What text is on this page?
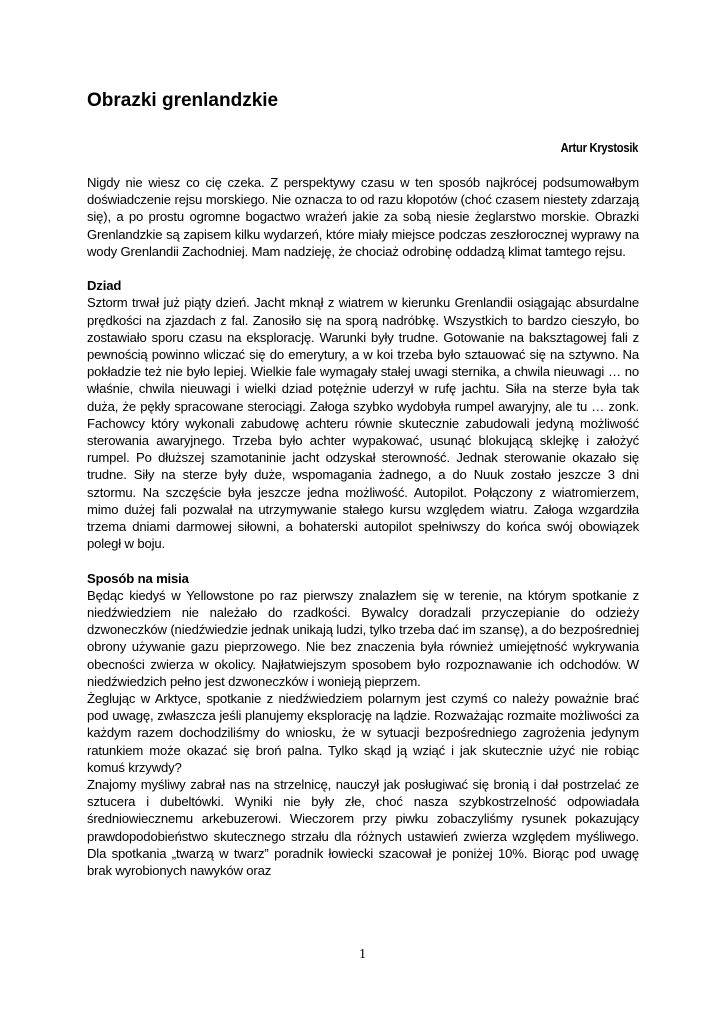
Obrazki grenlandzkie
Artur Krystosik

Nigdy nie wiesz co cię czeka. Z perspektywy czasu w ten sposób najkrócej podsumowałbym doświadczenie rejsu morskiego. Nie oznacza to od razu kłopotów (choć czasem niestety zdarzają się), a po prostu ogromne bogactwo wrażeń jakie za sobą niesie żeglarstwo morskie. Obrazki Grenlandzkie są zapisem kilku wydarzeń, które miały miejsce podczas zeszłorocznej wyprawy na wody Grenlandii Zachodniej. Mam nadzieję, że chociaż odrobinę oddadzą klimat tamtego rejsu.

Dziad

Sztorm trwał już piąty dzień. Jacht mknął z wiatrem w kierunku Grenlandii osiągając absurdalne prędkości na zjazdach z fal. Zanosiło się na sporą nadróbkę. Wszystkich to bardzo cieszyło, bo zostawiało sporu czasu na eksplorację. Warunki były trudne. Gotowanie na baksztagowej fali z pewnością powinno wliczać się do emerytury, a w koi trzeba było sztauować się na sztywno. Na pokładzie też nie było lepiej. Wielkie fale wymagały stałej uwagi sternika, a chwila nieuwagi … no właśnie, chwila nieuwagi i wielki dziad potężnie uderzył w rufę jachtu. Siła na sterze była tak duża, że pękły spracowane sterociągi. Załoga szybko wydobyła rumpel awaryjny, ale tu … zonk. Fachowcy który wykonali zabudowę achteru równie skutecznie zabudowali jedyną możliwość sterowania awaryjnego. Trzeba było achter wypakować, usunąć blokującą sklejkę i założyć rumpel. Po dłuższej szamotaninie jacht odzyskał sterowność. Jednak sterowanie okazało się trudne. Siły na sterze były duże, wspomagania żadnego, a do Nuuk zostało jeszcze 3 dni sztormu. Na szczęście była jeszcze jedna możliwość. Autopilot. Połączony z wiatromierzem, mimo dużej fali pozwalał na utrzymywanie stałego kursu względem wiatru. Załoga wzgardziła trzema dniami darmowej siłowni, a bohaterski autopilot spełniwszy do końca swój obowiązek poległ w boju.

Sposób na misia

Będąc kiedyś w Yellowstone po raz pierwszy znalazłem się w terenie, na którym spotkanie z niedźwiedziem nie należało do rzadkości. Bywalcy doradzali przyczepianie do odzieży dzwoneczków (niedźwiedzie jednak unikają ludzi, tylko trzeba dać im szansę), a do bezpośredniej obrony używanie gazu pieprzowego. Nie bez znaczenia była również umiejętność wykrywania obecności zwierza w okolicy. Najłatwiejszym sposobem było rozpoznawanie ich odchodów. W niedźwiedzich pełno jest dzwoneczków i wonieją pieprzem.

Żeglując w Arktyce, spotkanie z niedźwiedziem polarnym jest czymś co należy poważnie brać pod uwagę, zwłaszcza jeśli planujemy eksplorację na lądzie. Rozważając rozmaite możliwości za każdym razem dochodziliśmy do wniosku, że w sytuacji bezpośredniego zagrożenia jedynym ratunkiem może okazać się broń palna. Tylko skąd ją wziąć i jak skutecznie użyć nie robiąc komuś krzywdy?

Znajomy myśliwy zabrał nas na strzelnicę, nauczył jak posługiwać się bronią i dał postrzelać ze sztucera i dubeltówki. Wyniki nie były złe, choć nasza szybkostrzelność odpowiadała średniowiecznemu arkebuzerowi. Wieczorem przy piwku zobaczyliśmy rysunek pokazujący prawdopodobieństwo skutecznego strzału dla różnych ustawień zwierza względem myśliwego. Dla spotkania „twarzą w twarz” poradnik łowiecki szacował je poniżej 10%. Biorąc pod uwagę brak wyrobionych nawyków oraz

1
